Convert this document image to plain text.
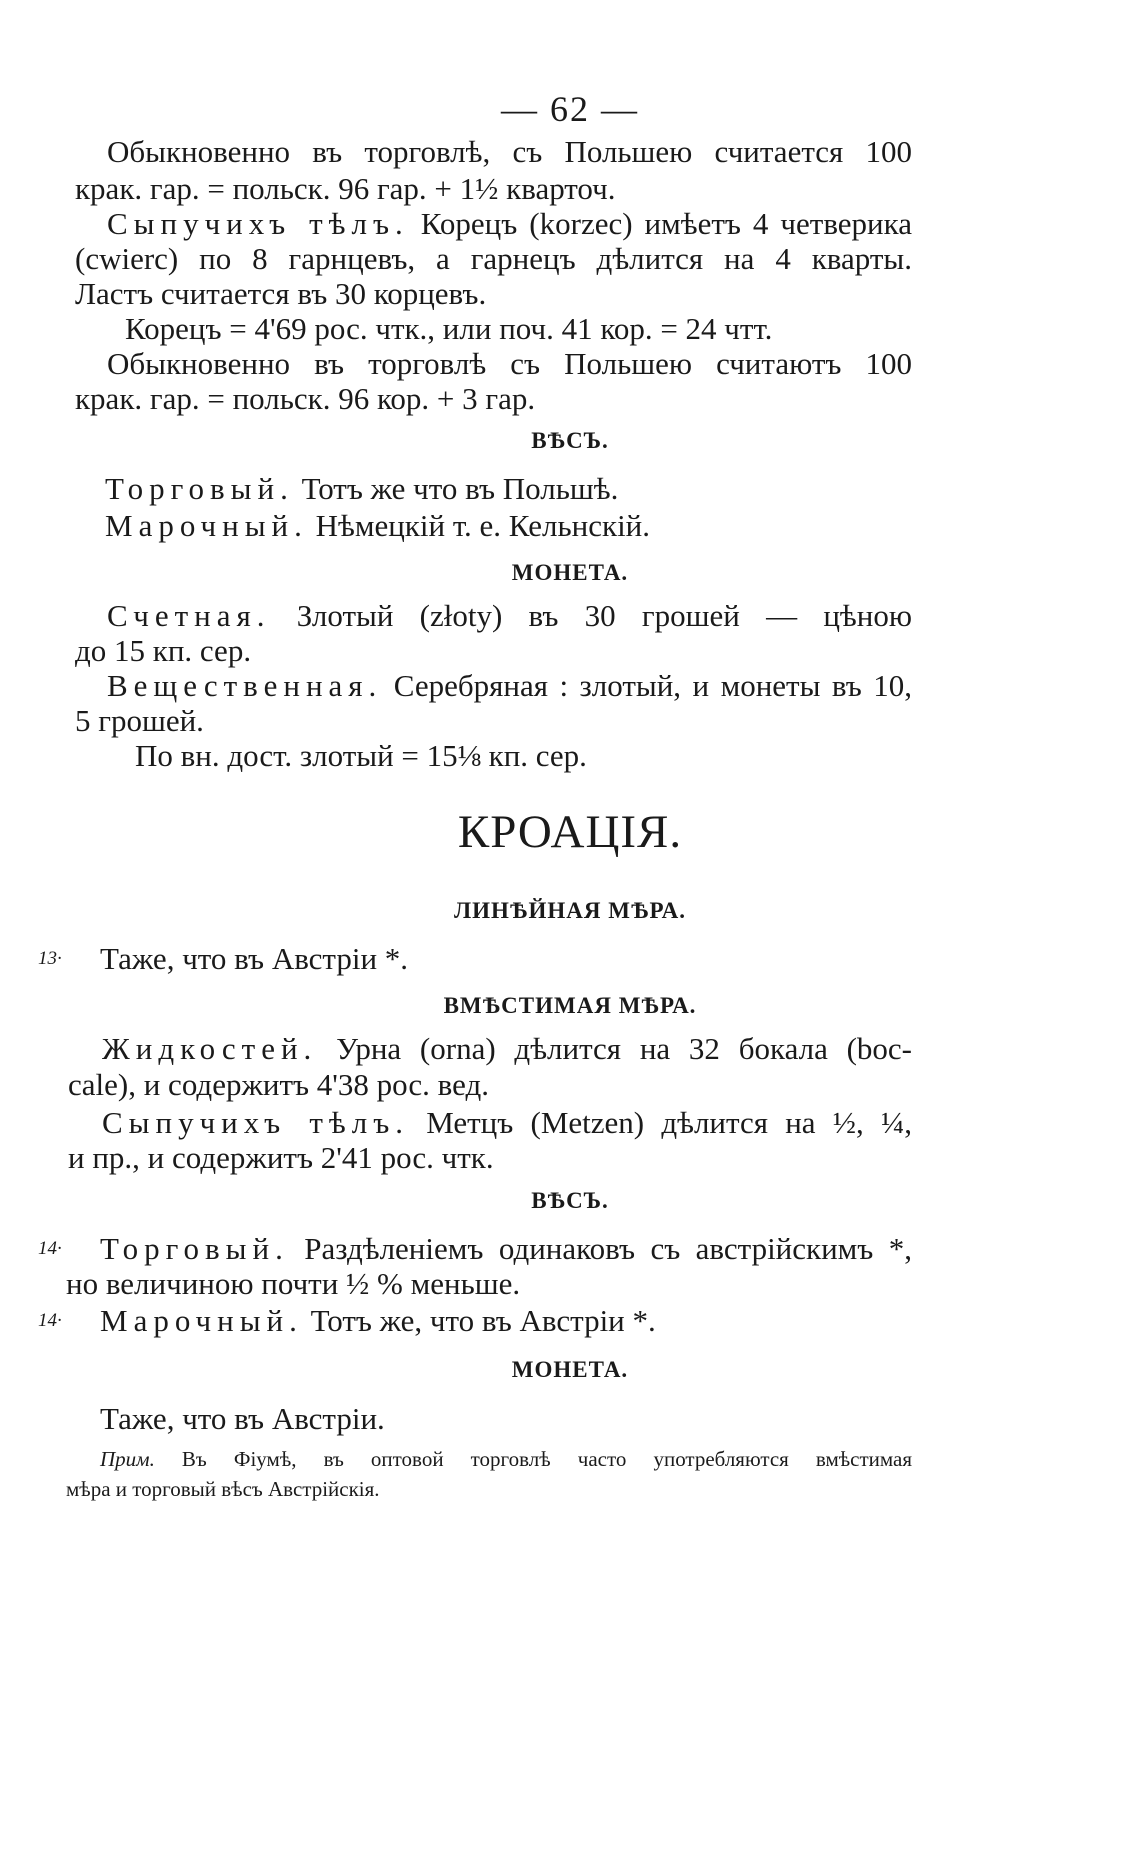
— 62 —
Обыкновенно въ торговлѣ, съ Польшею считается 100
крак. гар. = польск. 96 гар. + 1½ кварточ.
Сыпучихъ тѣлъ. Корецъ (korzec) имѣетъ 4 четверика
(cwierc) по 8 гарнцевъ, а гарнецъ дѣлится на 4 кварты.
Ластъ считается въ 30 корцевъ.
Корецъ = 4'69 рос. чтк., или поч. 41 кор. = 24 чтт.
Обыкновенно въ торговлѣ съ Польшею считаютъ 100
крак. гар. = польск. 96 кор. + 3 гар.
ВѢСЪ.
Торговый. Тотъ же что въ Польшѣ.
Марочный. Нѣмецкій т. е. Кельнскій.
МОНЕТА.
Счетная. Злотый (złoty) въ 30 грошей — цѣною
до 15 кп. сер.
Вещественная. Серебряная : злотый, и монеты въ 10,
5 грошей.
По вн. дост. злотый = 15⅛ кп. сер.
КРОАЦІЯ.
ЛИНѢЙНАЯ МѢРА.
13· Таже, что въ Австріи *.
ВМѢСТИМАЯ МѢРА.
Жидкостей. Урна (orna) дѣлится на 32 бокала (boc-
cale), и содержитъ 4'38 рос. вед.
Сыпучихъ тѣлъ. Метцъ (Metzen) дѣлится на ½, ¼,
и пр., и содержитъ 2'41 рос. чтк.
ВѢСЪ.
14· Торговый. Раздѣленіемъ одинаковъ съ австрійскимъ *,
но величиною почти ½ % меньше.
14· Марочный. Тотъ же, что въ Австріи *.
МОНЕТА.
Таже, что въ Австріи.
Прим. Въ Фіумѣ, въ оптовой торговлѣ часто употребляются вмѣстимая
мѣра и торговый вѣсъ Австрійскія.
